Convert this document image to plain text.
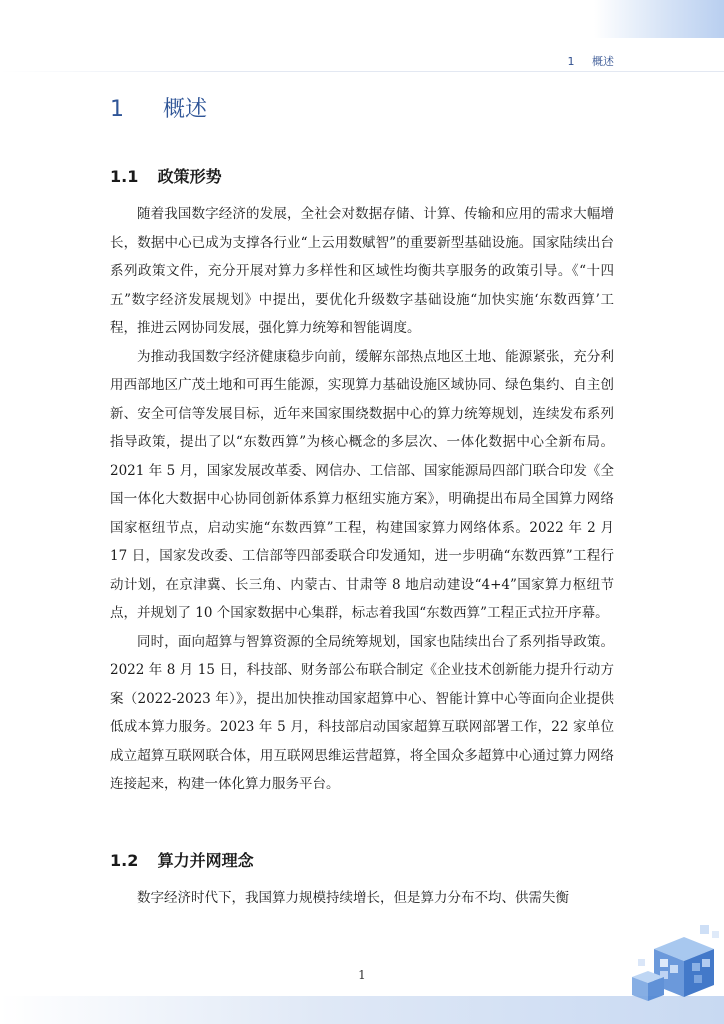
1 概述
1 概述
1.1 政策形势

随着我国数字经济的发展，全社会对数据存储、计算、传输和应用的需求大幅增长，数据中心已成为支撑各行业“上云用数赋智”的重要新型基础设施。国家陆续出台系列政策文件，充分开展对算力多样性和区域性均衡共享服务的政策引导。《“十四五”数字经济发展规划》中提出，要优化升级数字基础设施“加快实施‘东数西算’工程，推进云网协同发展，强化算力统筹和智能调度。

为推动我国数字经济健康稳步向前，缓解东部热点地区土地、能源紧张，充分利用西部地区广茂土地和可再生能源，实现算力基础设施区域协同、绿色集约、自主创新、安全可信等发展目标，近年来国家围绕数据中心的算力统筹规划，连续发布系列指导政策，提出了以“东数西算”为核心概念的多层次、一体化数据中心全新布局。2021 年 5 月，国家发展改革委、网信办、工信部、国家能源局四部门联合印发《全国一体化大数据中心协同创新体系算力枢纽实施方案》，明确提出布局全国算力网络国家枢纽节点，启动实施“东数西算”工程，构建国家算力网络体系。2022 年 2 月 17 日，国家发改委、工信部等四部委联合印发通知，进一步明确“东数西算”工程行动计划，在京津冀、长三角、内蒙古、甘肃等 8 地启动建设“4+4”国家算力枢纽节点，并规划了 10 个国家数据中心集群，标志着我国“东数西算”工程正式拉开序幕。

同时，面向超算与智算资源的全局统筹规划，国家也陆续出台了系列指导政策。2022 年 8 月 15 日，科技部、财务部公布联合制定《企业技术创新能力提升行动方案（2022-2023 年）》，提出加快推动国家超算中心、智能计算中心等面向企业提供低成本算力服务。2023 年 5 月，科技部启动国家超算互联网部署工作，22 家单位成立超算互联网联合体，用互联网思维运营超算，将全国众多超算中心通过算力网络连接起来，构建一体化算力服务平台。

1.2 算力并网理念

数字经济时代下，我国算力规模持续增长，但是算力分布不均、供需失衡

1
